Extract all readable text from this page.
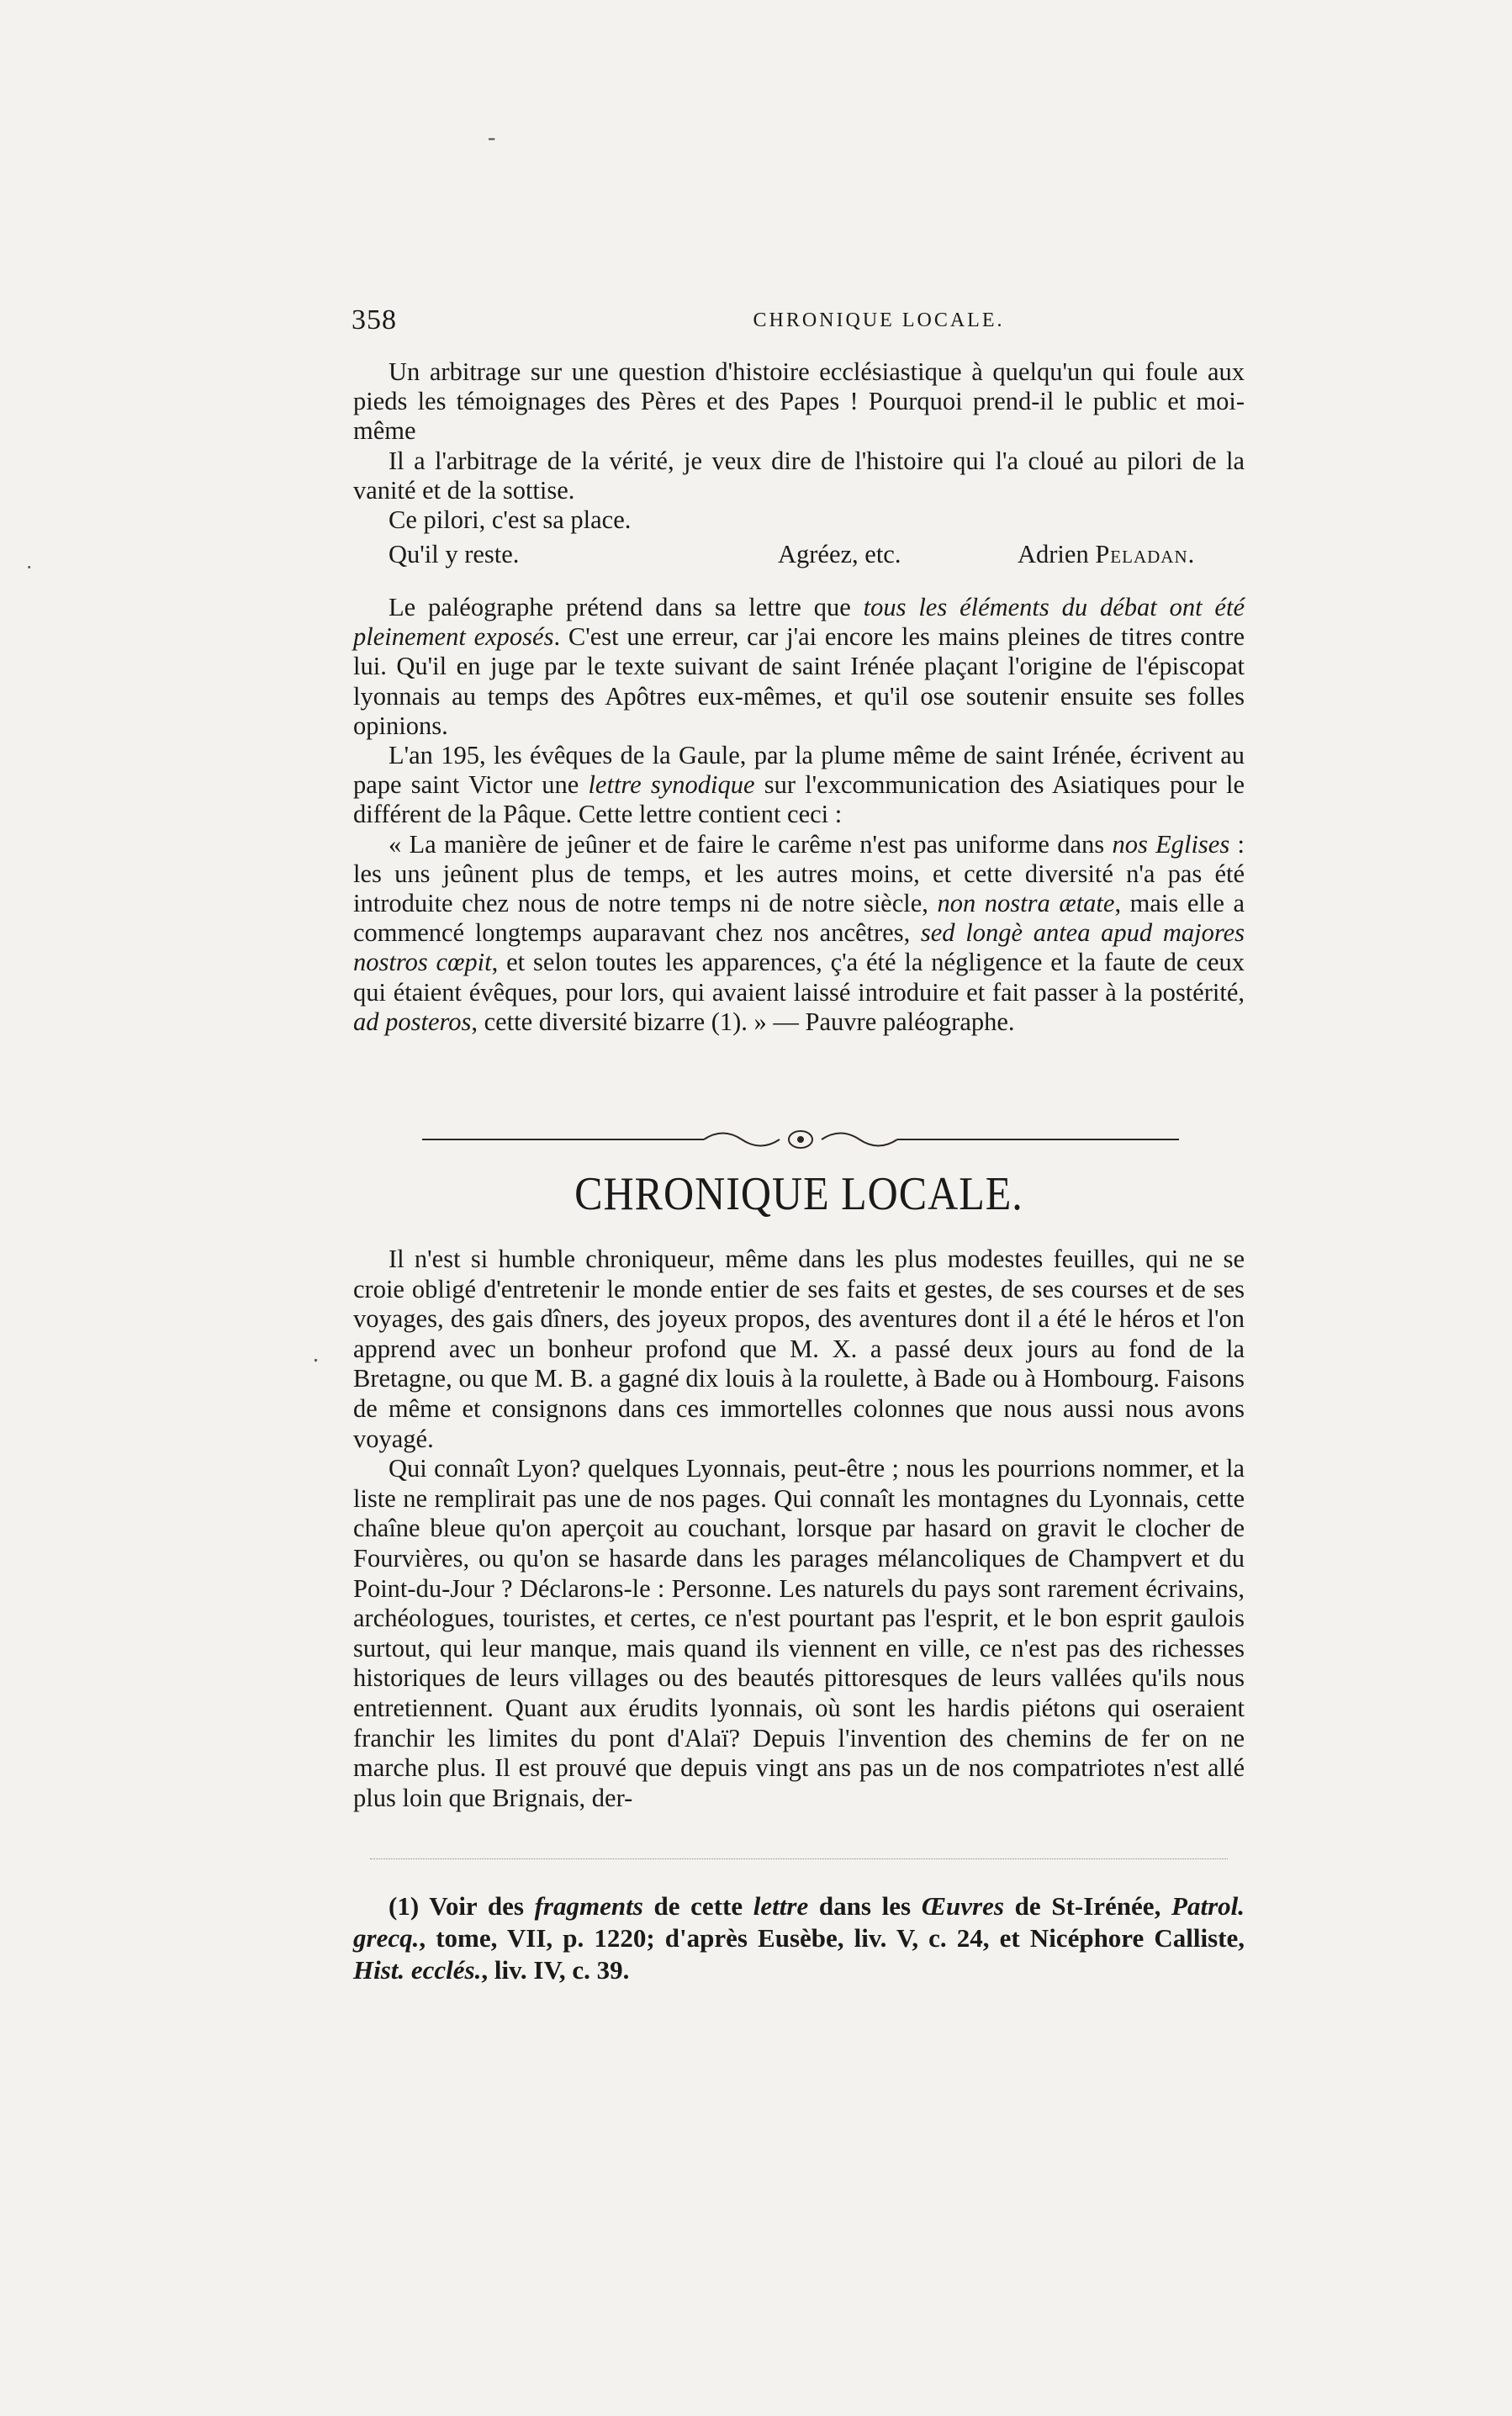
-
˙
.
358	CHRONIQUE LOCALE.

Un arbitrage sur une question d'histoire ecclésiastique à quelqu'un qui foule aux pieds les témoignages des Pères et des Papes ! Pourquoi prend-il le public et moi-même

Il a l'arbitrage de la vérité, je veux dire de l'histoire qui l'a cloué au pilori de la vanité et de la sottise.

Ce pilori, c'est sa place.

Qu'il y reste.	Agréez, etc.	Adrien Peladan.

Le paléographe prétend dans sa lettre que tous les éléments du débat ont été pleinement exposés. C'est une erreur, car j'ai encore les mains pleines de titres contre lui. Qu'il en juge par le texte suivant de saint Irénée plaçant l'origine de l'épiscopat lyonnais au temps des Apôtres eux-mêmes, et qu'il ose soutenir ensuite ses folles opinions.

L'an 195, les évêques de la Gaule, par la plume même de saint Irénée, écrivent au pape saint Victor une lettre synodique sur l'excommunication des Asiatiques pour le différent de la Pâque. Cette lettre contient ceci :

« La manière de jeûner et de faire le carême n'est pas uniforme dans nos Eglises : les uns jeûnent plus de temps, et les autres moins, et cette diversité n'a pas été introduite chez nous de notre temps ni de notre siècle, non nostra ætate, mais elle a commencé longtemps auparavant chez nos ancêtres, sed longè antea apud majores nostros cœpit, et selon toutes les apparences, ç'a été la négligence et la faute de ceux qui étaient évêques, pour lors, qui avaient laissé introduire et fait passer à la postérité, ad posteros, cette diversité bizarre (1). » — Pauvre paléographe.

CHRONIQUE LOCALE.

Il n'est si humble chroniqueur, même dans les plus modestes feuilles, qui ne se croie obligé d'entretenir le monde entier de ses faits et gestes, de ses courses et de ses voyages, des gais dîners, des joyeux propos, des aventures dont il a été le héros et l'on apprend avec un bonheur profond que M. X. a passé deux jours au fond de la Bretagne, ou que M. B. a gagné dix louis à la roulette, à Bade ou à Hombourg. Faisons de même et consignons dans ces immortelles colonnes que nous aussi nous avons voyagé.

Qui connaît Lyon? quelques Lyonnais, peut-être ; nous les pourrions nommer, et la liste ne remplirait pas une de nos pages. Qui connaît les montagnes du Lyonnais, cette chaîne bleue qu'on aperçoit au couchant, lorsque par hasard on gravit le clocher de Fourvières, ou qu'on se hasarde dans les parages mélancoliques de Champvert et du Point-du-Jour ? Déclarons-le : Personne. Les naturels du pays sont rarement écrivains, archéologues, touristes, et certes, ce n'est pourtant pas l'esprit, et le bon esprit gaulois surtout, qui leur manque, mais quand ils viennent en ville, ce n'est pas des richesses historiques de leurs villages ou des beautés pittoresques de leurs vallées qu'ils nous entretiennent. Quant aux érudits lyonnais, où sont les hardis piétons qui oseraient franchir les limites du pont d'Alaï? Depuis l'invention des chemins de fer on ne marche plus. Il est prouvé que depuis vingt ans pas un de nos compatriotes n'est allé plus loin que Brignais, der-

(1) Voir des fragments de cette lettre dans les Œuvres de St-Irénée, Patrol. grecq., tome, VII, p. 1220; d'après Eusèbe, liv. V, c. 24, et Nicéphore Calliste, Hist. ecclés., liv. IV, c. 39.
